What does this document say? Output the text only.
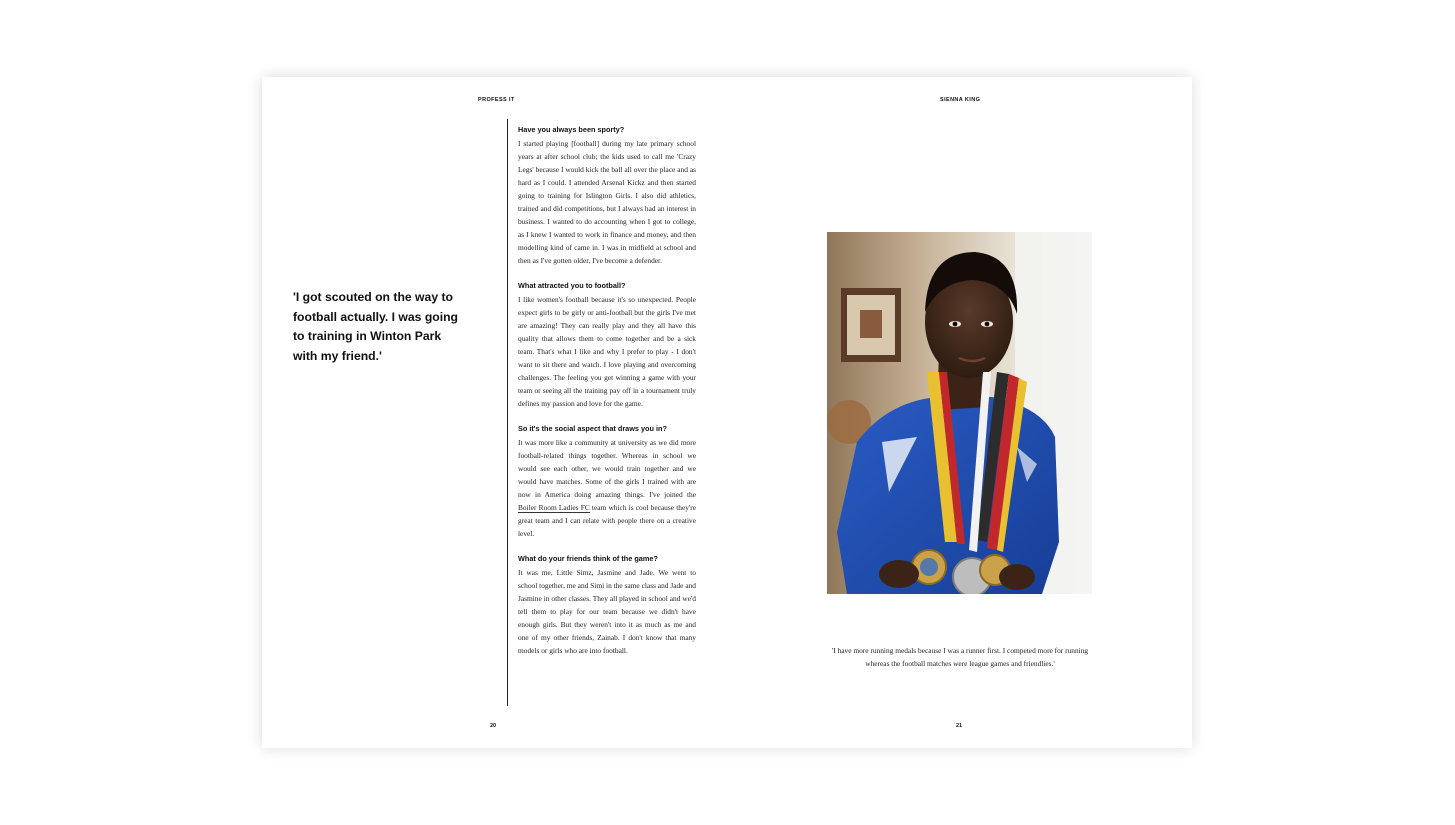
PROFESS IT

'I got scouted on the way to football actually. I was going to training in Winton Park with my friend.'

Have you always been sporty?

I started playing [football] during my late primary school years at after school club; the kids used to call me 'Crazy Legs' because I would kick the ball all over the place and as hard as I could. I attended Arsenal Kickz and then started going to training for Islington Girls. I also did athletics, trained and did competitions, but I always had an interest in business. I wanted to do accounting when I got to college, as I knew I wanted to work in finance and money, and then modelling kind of came in. I was in midfield at school and then as I've gotten older, I've become a defender.

What attracted you to football?

I like women's football because it's so unexpected. People expect girls to be girly or anti-football but the girls I've met are amazing! They can really play and they all have this quality that allows them to come together and be a sick team. That's what I like and why I prefer to play - I don't want to sit there and watch. I love playing and overcoming challenges. The feeling you get winning a game with your team or seeing all the training pay off in a tournament truly defines my passion and love for the game.

So it's the social aspect that draws you in?

It was more like a community at university as we did more football-related things together. Whereas in school we would see each other, we would train together and we would have matches. Some of the girls I trained with are now in America doing amazing things. I've joined the Boiler Room Ladies FC team which is cool because they're great team and I can relate with people there on a creative level.

What do your friends think of the game?

It was me, Little Simz, Jasmine and Jade. We went to school together, me and Simi in the same class and Jade and Jasmine in other classes. They all played in school and we'd tell them to play for our team because we didn't have enough girls. But they weren't into it as much as me and one of my other friends, Zainab. I don't know that many models or girls who are into football.

20
SIENNA KING

'I have more running medals because I was a runner first. I competed more for running whereas the football matches were league games and friendlies.'

21
